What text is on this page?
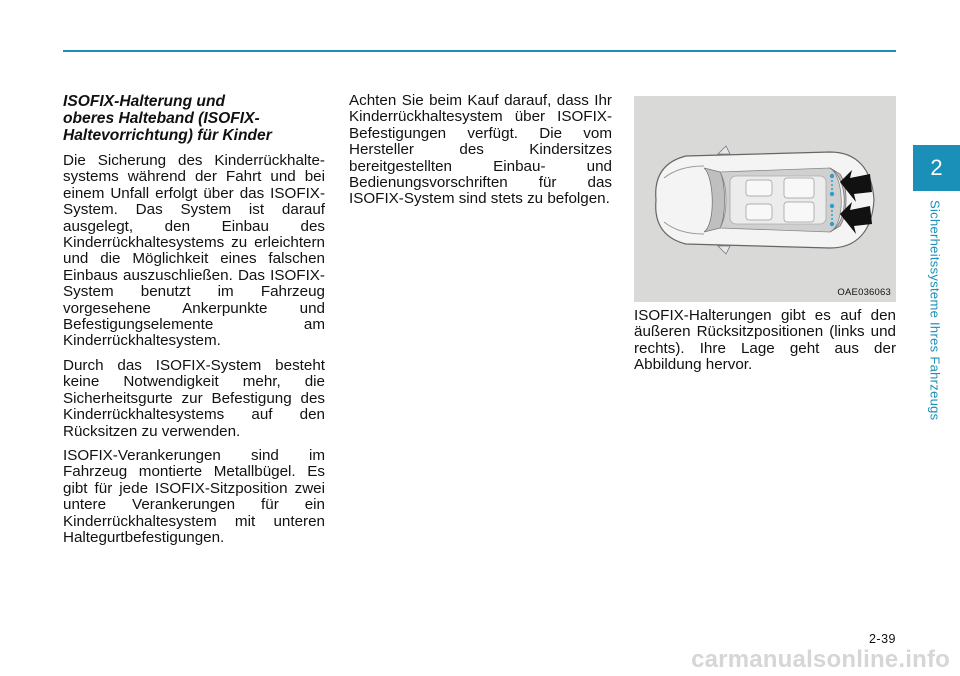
ISOFIX-Halterung und
oberes Halteband (ISOFIX-
Haltevorrichtung) für Kinder

Die Sicherung des Kinderrückhalte-systems während der Fahrt und bei einem Unfall erfolgt über das ISOFIX-System. Das System ist darauf ausgelegt, den Einbau des Kinderrückhaltesystems zu erleichtern und die Möglichkeit eines falschen Einbaus auszuschließen. Das ISOFIX-System benutzt im Fahrzeug vorgesehene Ankerpunkte und Befestigungselemente am Kinderrückhaltesystem.

Durch das ISOFIX-System besteht keine Notwendigkeit mehr, die Sicherheitsgurte zur Befestigung des Kinderrückhaltesystems auf den Rücksitzen zu verwenden.

ISOFIX-Verankerungen sind im Fahrzeug montierte Metallbügel. Es gibt für jede ISOFIX-Sitzposition zwei untere Verankerungen für ein Kinderrückhaltesystem mit unteren Haltegurtbefestigungen.

Achten Sie beim Kauf darauf, dass Ihr Kinderrückhaltesystem über ISOFIX-Befestigungen verfügt. Die vom Hersteller des Kindersitzes bereitgestellten Einbau- und Bedienungsvorschriften für das ISOFIX-System sind stets zu befolgen.

OAE036063

ISOFIX-Halterungen gibt es auf den äußeren Rücksitzpositionen (links und rechts). Ihre Lage geht aus der Abbildung hervor.

2
Sicherheitssysteme Ihres Fahrzeugs
2-39
carmanualsonline.info
